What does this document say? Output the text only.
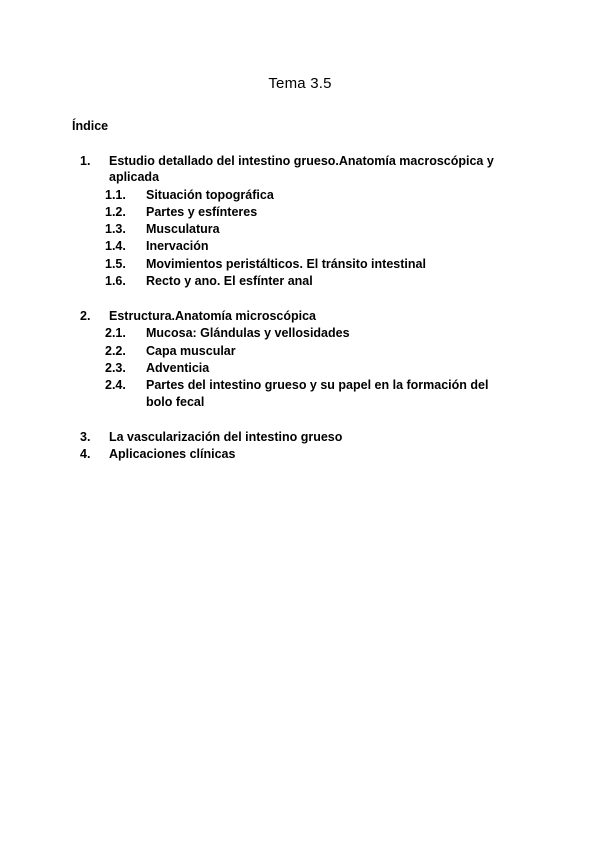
Tema 3.5
Índice
1.	Estudio detallado del intestino grueso.Anatomía macroscópica y
aplicada
1.1.	Situación topográfica
1.2.	Partes y esfínteres
1.3.	Musculatura
1.4.	Inervación
1.5.	Movimientos peristálticos. El tránsito intestinal
1.6.	Recto y ano. El esfínter anal
2.	Estructura.Anatomía microscópica
2.1.	Mucosa: Glándulas y vellosidades
2.2.	Capa muscular
2.3.	Adventicia
2.4.	Partes del intestino grueso y su papel en la formación del
bolo fecal
3.	La vascularización del intestino grueso
4.	Aplicaciones clínicas
